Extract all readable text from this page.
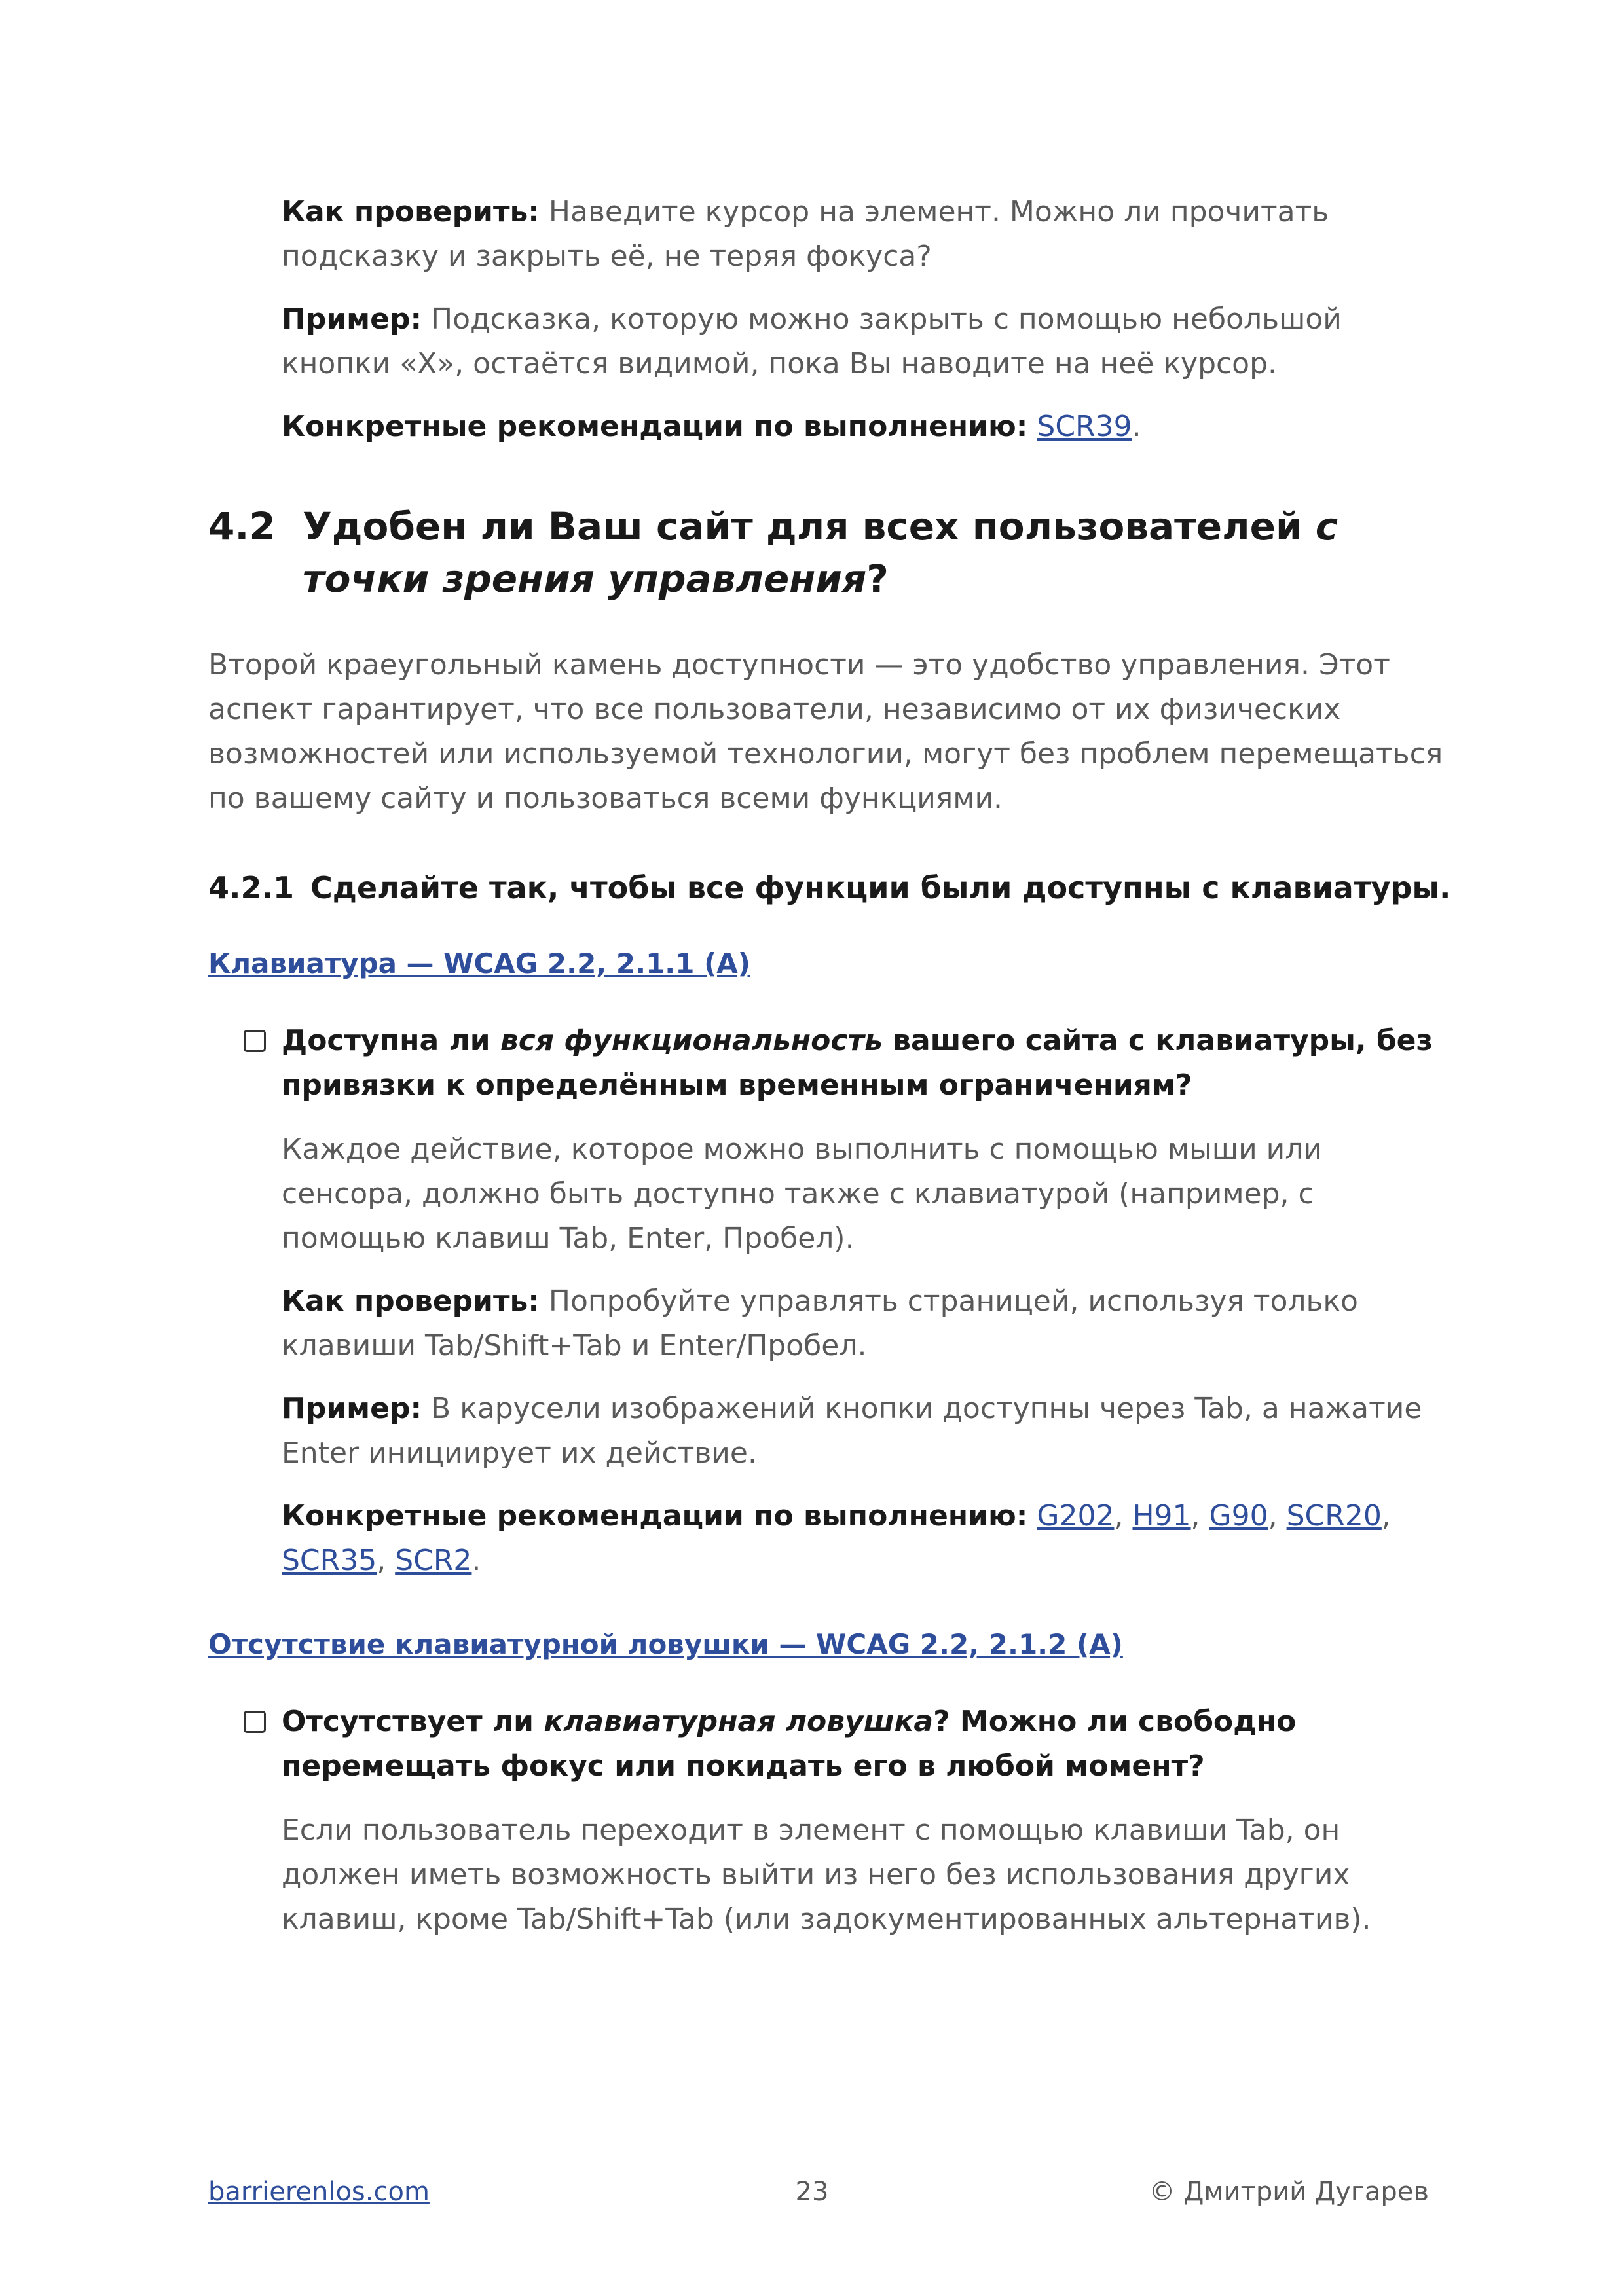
Как проверить: Наведите курсор на элемент. Можно ли прочитать подсказку и закрыть её, не теряя фокуса?

Пример: Подсказка, которую можно закрыть с помощью небольшой кнопки «X», остаётся видимой, пока Вы наводите на неё курсор.

Конкретные рекомендации по выполнению: SCR39.

4.2 Удобен ли Ваш сайт для всех пользователей с точки зрения управления?

Второй краеугольный камень доступности — это удобство управления. Этот аспект гарантирует, что все пользователи, независимо от их физических возможностей или используемой технологии, могут без проблем перемещаться по вашему сайту и пользоваться всеми функциями.

4.2.1 Сделайте так, чтобы все функции были доступны с клавиатуры.

Клавиатура — WCAG 2.2, 2.1.1 (A)

Доступна ли вся функциональность вашего сайта с клавиатуры, без привязки к определённым временным ограничениям?

Каждое действие, которое можно выполнить с помощью мыши или сенсора, должно быть доступно также с клавиатурой (например, с помощью клавиш Tab, Enter, Пробел).

Как проверить: Попробуйте управлять страницей, используя только клавиши Tab/Shift+Tab и Enter/Пробел.

Пример: В карусели изображений кнопки доступны через Tab, а нажатие Enter инициирует их действие.

Конкретные рекомендации по выполнению: G202, H91, G90, SCR20, SCR35, SCR2.

Отсутствие клавиатурной ловушки — WCAG 2.2, 2.1.2 (A)

Отсутствует ли клавиатурная ловушка? Можно ли свободно перемещать фокус или покидать его в любой момент?

Если пользователь переходит в элемент с помощью клавиши Tab, он должен иметь возможность выйти из него без использования других клавиш, кроме Tab/Shift+Tab (или задокументированных альтернатив).

barrierenlos.com	23	© Дмитрий Дугарев
